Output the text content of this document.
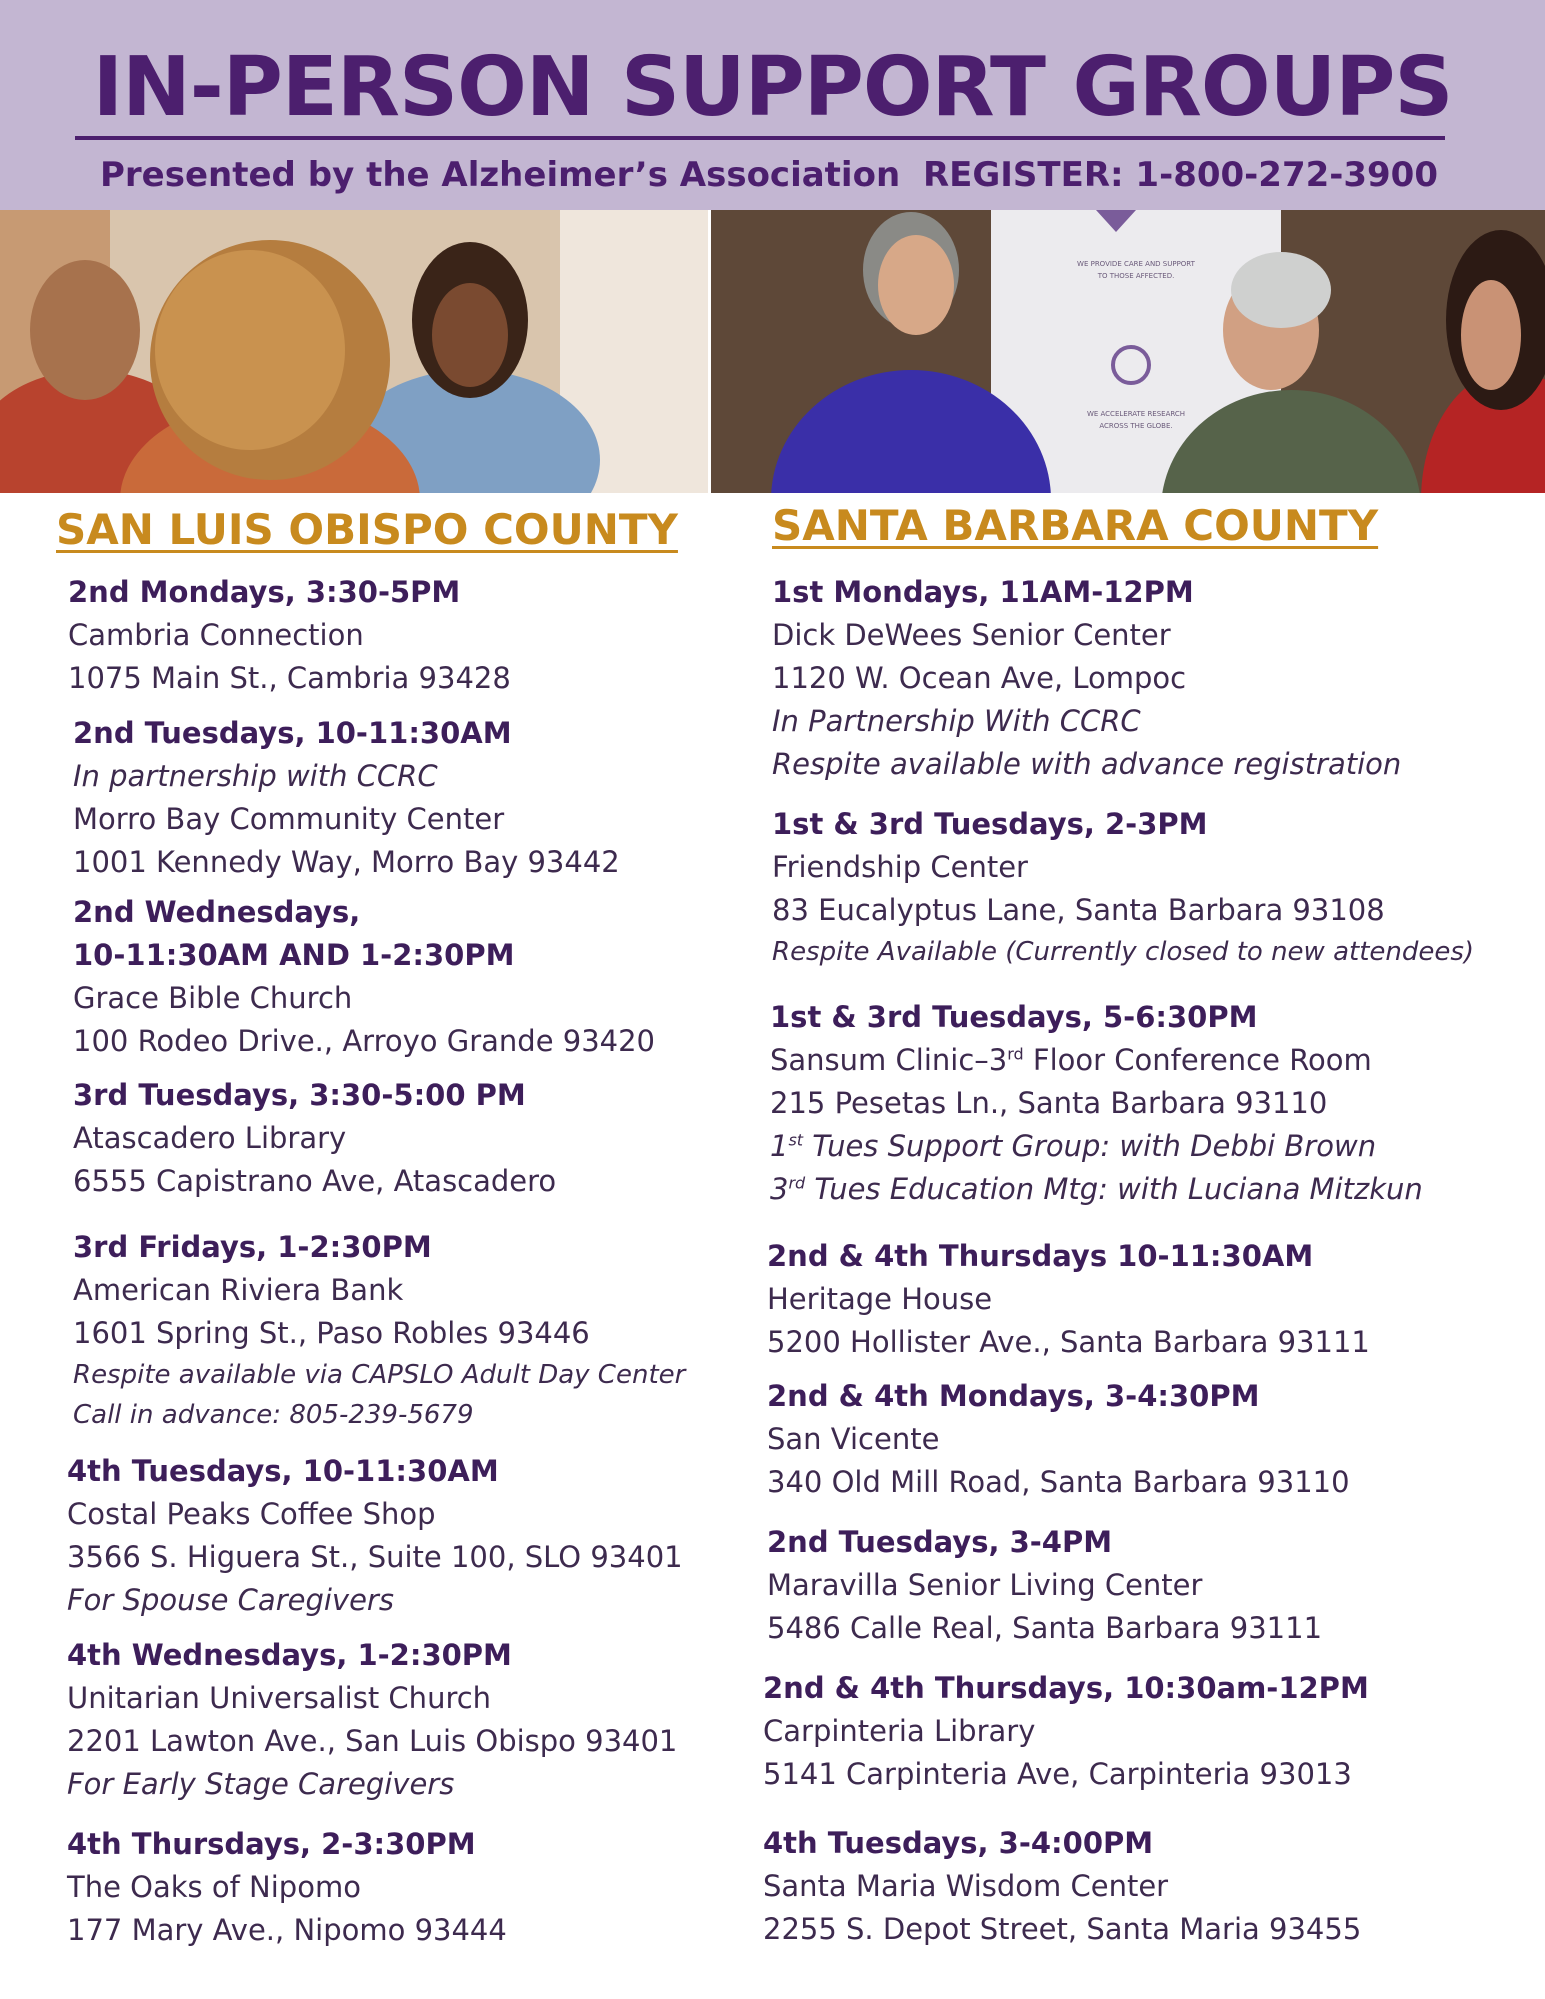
IN-PERSON SUPPORT GROUPS
Presented by the Alzheimer’s Association REGISTER: 1-800-272-3900
WE PROVIDE CARE AND SUPPORT
TO THOSE AFFECTED.
WE ACCELERATE RESEARCH
ACROSS THE GLOBE.
SAN LUIS OBISPO COUNTY
2nd Mondays, 3:30-5PM
Cambria Connection
1075 Main St., Cambria 93428
2nd Tuesdays, 10-11:30AM
In partnership with CCRC
Morro Bay Community Center
1001 Kennedy Way, Morro Bay 93442
2nd Wednesdays,
10-11:30AM AND 1-2:30PM
Grace Bible Church
100 Rodeo Drive., Arroyo Grande 93420
3rd Tuesdays, 3:30-5:00 PM
Atascadero Library
6555 Capistrano Ave, Atascadero
3rd Fridays, 1-2:30PM
American Riviera Bank
1601 Spring St., Paso Robles 93446
Respite available via CAPSLO Adult Day Center
Call in advance: 805-239-5679
4th Tuesdays, 10-11:30AM
Costal Peaks Coffee Shop
3566 S. Higuera St., Suite 100, SLO 93401
For Spouse Caregivers
4th Wednesdays, 1-2:30PM
Unitarian Universalist Church
2201 Lawton Ave., San Luis Obispo 93401
For Early Stage Caregivers
4th Thursdays, 2-3:30PM
The Oaks of Nipomo
177 Mary Ave., Nipomo 93444
SANTA BARBARA COUNTY
1st Mondays, 11AM-12PM
Dick DeWees Senior Center
1120 W. Ocean Ave, Lompoc
In Partnership With CCRC
Respite available with advance registration
1st & 3rd Tuesdays, 2-3PM
Friendship Center
83 Eucalyptus Lane, Santa Barbara 93108
Respite Available (Currently closed to new attendees)
1st & 3rd Tuesdays, 5-6:30PM
Sansum Clinic–3rd Floor Conference Room
215 Pesetas Ln., Santa Barbara 93110
1st Tues Support Group: with Debbi Brown
3rd Tues Education Mtg: with Luciana Mitzkun
2nd & 4th Thursdays 10-11:30AM
Heritage House
5200 Hollister Ave., Santa Barbara 93111
2nd & 4th Mondays, 3-4:30PM
San Vicente
340 Old Mill Road, Santa Barbara 93110
2nd Tuesdays, 3-4PM
Maravilla Senior Living Center
5486 Calle Real, Santa Barbara 93111
2nd & 4th Thursdays, 10:30am-12PM
Carpinteria Library
5141 Carpinteria Ave, Carpinteria 93013
4th Tuesdays, 3-4:00PM
Santa Maria Wisdom Center
2255 S. Depot Street, Santa Maria 93455
